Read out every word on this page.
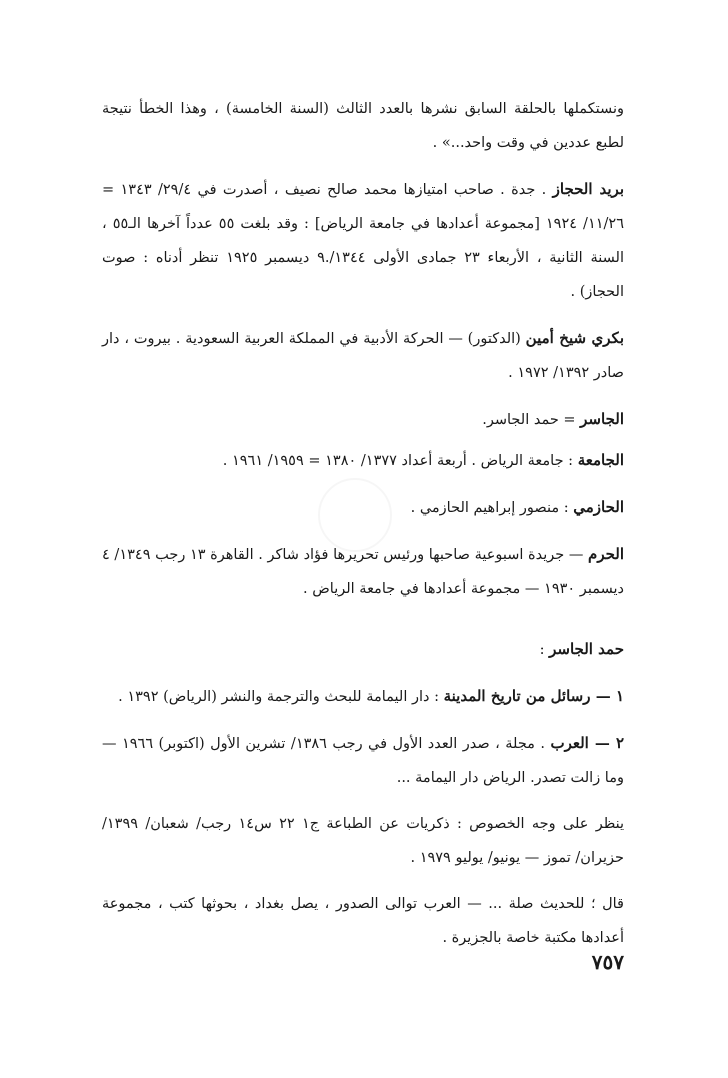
ونستكملها بالحلقة السابق نشرها بالعدد الثالث (السنة الخامسة) ، وهذا الخطأ نتيجة لطبع عددين في وقت واحد...» .

بريد الحجاز . جدة . صاحب امتيازها محمد صالح نصيف ، أصدرت في ٢٩/٤/ ١٣٤٣ = ١١/٢٦/ ١٩٢٤ [مجموعة أعدادها في جامعة الرياض] : وقد بلغت ٥٥ عدداً آخرها الـ٥٥ ، السنة الثانية ، الأربعاء ٢٣ جمادى الأولى ١٣٤٤/.٩ ديسمبر ١٩٢٥ تنظر أدناه : صوت الحجاز) .

بكري شيخ أمين (الدكتور) — الحركة الأدبية في المملكة العربية السعودية . بيروت ، دار صادر ١٣٩٢/ ١٩٧٢ .

الجاسر = حمد الجاسر.

الجامعة : جامعة الرياض . أربعة أعداد ١٣٧٧/ ١٣٨٠ = ١٩٥٩/ ١٩٦١ .

الحازمي : منصور إبراهيم الحازمي .

الحرم — جريدة اسبوعية صاحبها ورئيس تحريرها فؤاد شاكر . القاهرة ١٣ رجب ١٣٤٩/ ٤ ديسمبر ١٩٣٠ — مجموعة أعدادها في جامعة الرياض .

حمد الجاسر :

١ — رسائل من تاريخ المدينة : دار اليمامة للبحث والترجمة والنشر (الرياض) ١٣٩٢ .

٢ — العرب . مجلة ، صدر العدد الأول في رجب ١٣٨٦/ تشرين الأول (اكتوبر) ١٩٦٦ — وما زالت تصدر. الرياض دار اليمامة ...

ينظر على وجه الخصوص : ذكريات عن الطباعة ج١ ٢٢ س١٤ رجب/ شعبان/ ١٣٩٩/ حزيران/ تموز — يونيو/ يوليو ١٩٧٩ .

قال ؛ للحديث صلة ... — العرب توالى الصدور ، يصل بغداد ، بحوثها كتب ، مجموعة أعدادها مكتبة خاصة بالجزيرة .

٧٥٧
